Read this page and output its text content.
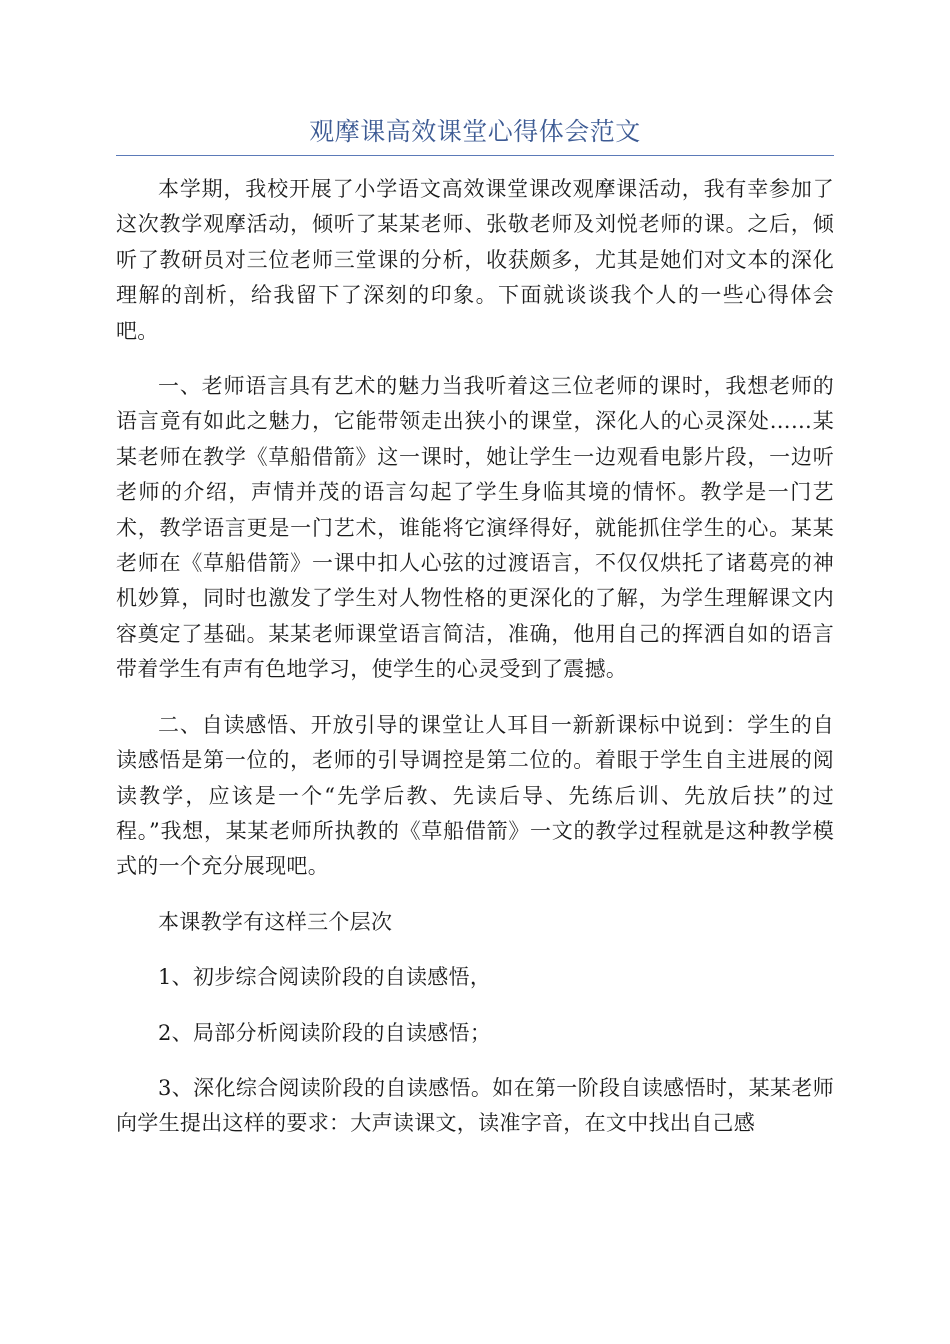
观摩课高效课堂心得体会范文

本学期，我校开展了小学语文高效课堂课改观摩课活动，我有幸参加了这次教学观摩活动，倾听了某某老师、张敬老师及刘悦老师的课。之后，倾听了教研员对三位老师三堂课的分析，收获颇多，尤其是她们对文本的深化理解的剖析，给我留下了深刻的印象。下面就谈谈我个人的一些心得体会吧。

一、老师语言具有艺术的魅力当我听着这三位老师的课时，我想老师的语言竟有如此之魅力，它能带领走出狭小的课堂，深化人的心灵深处……某某老师在教学《草船借箭》这一课时，她让学生一边观看电影片段，一边听老师的介绍，声情并茂的语言勾起了学生身临其境的情怀。教学是一门艺术，教学语言更是一门艺术，谁能将它演绎得好，就能抓住学生的心。某某老师在《草船借箭》一课中扣人心弦的过渡语言，不仅仅烘托了诸葛亮的神机妙算，同时也激发了学生对人物性格的更深化的了解，为学生理解课文内容奠定了基础。某某老师课堂语言简洁，准确，他用自己的挥洒自如的语言带着学生有声有色地学习，使学生的心灵受到了震撼。

二、自读感悟、开放引导的课堂让人耳目一新新课标中说到：学生的自读感悟是第一位的，老师的引导调控是第二位的。着眼于学生自主进展的阅读教学，应该是一个“先学后教、先读后导、先练后训、先放后扶”的过程。”我想，某某老师所执教的《草船借箭》一文的教学过程就是这种教学模式的一个充分展现吧。

本课教学有这样三个层次

1、初步综合阅读阶段的自读感悟，

2、局部分析阅读阶段的自读感悟；

3、深化综合阅读阶段的自读感悟。如在第一阶段自读感悟时，某某老师向学生提出这样的要求：大声读课文，读准字音，在文中找出自己感
